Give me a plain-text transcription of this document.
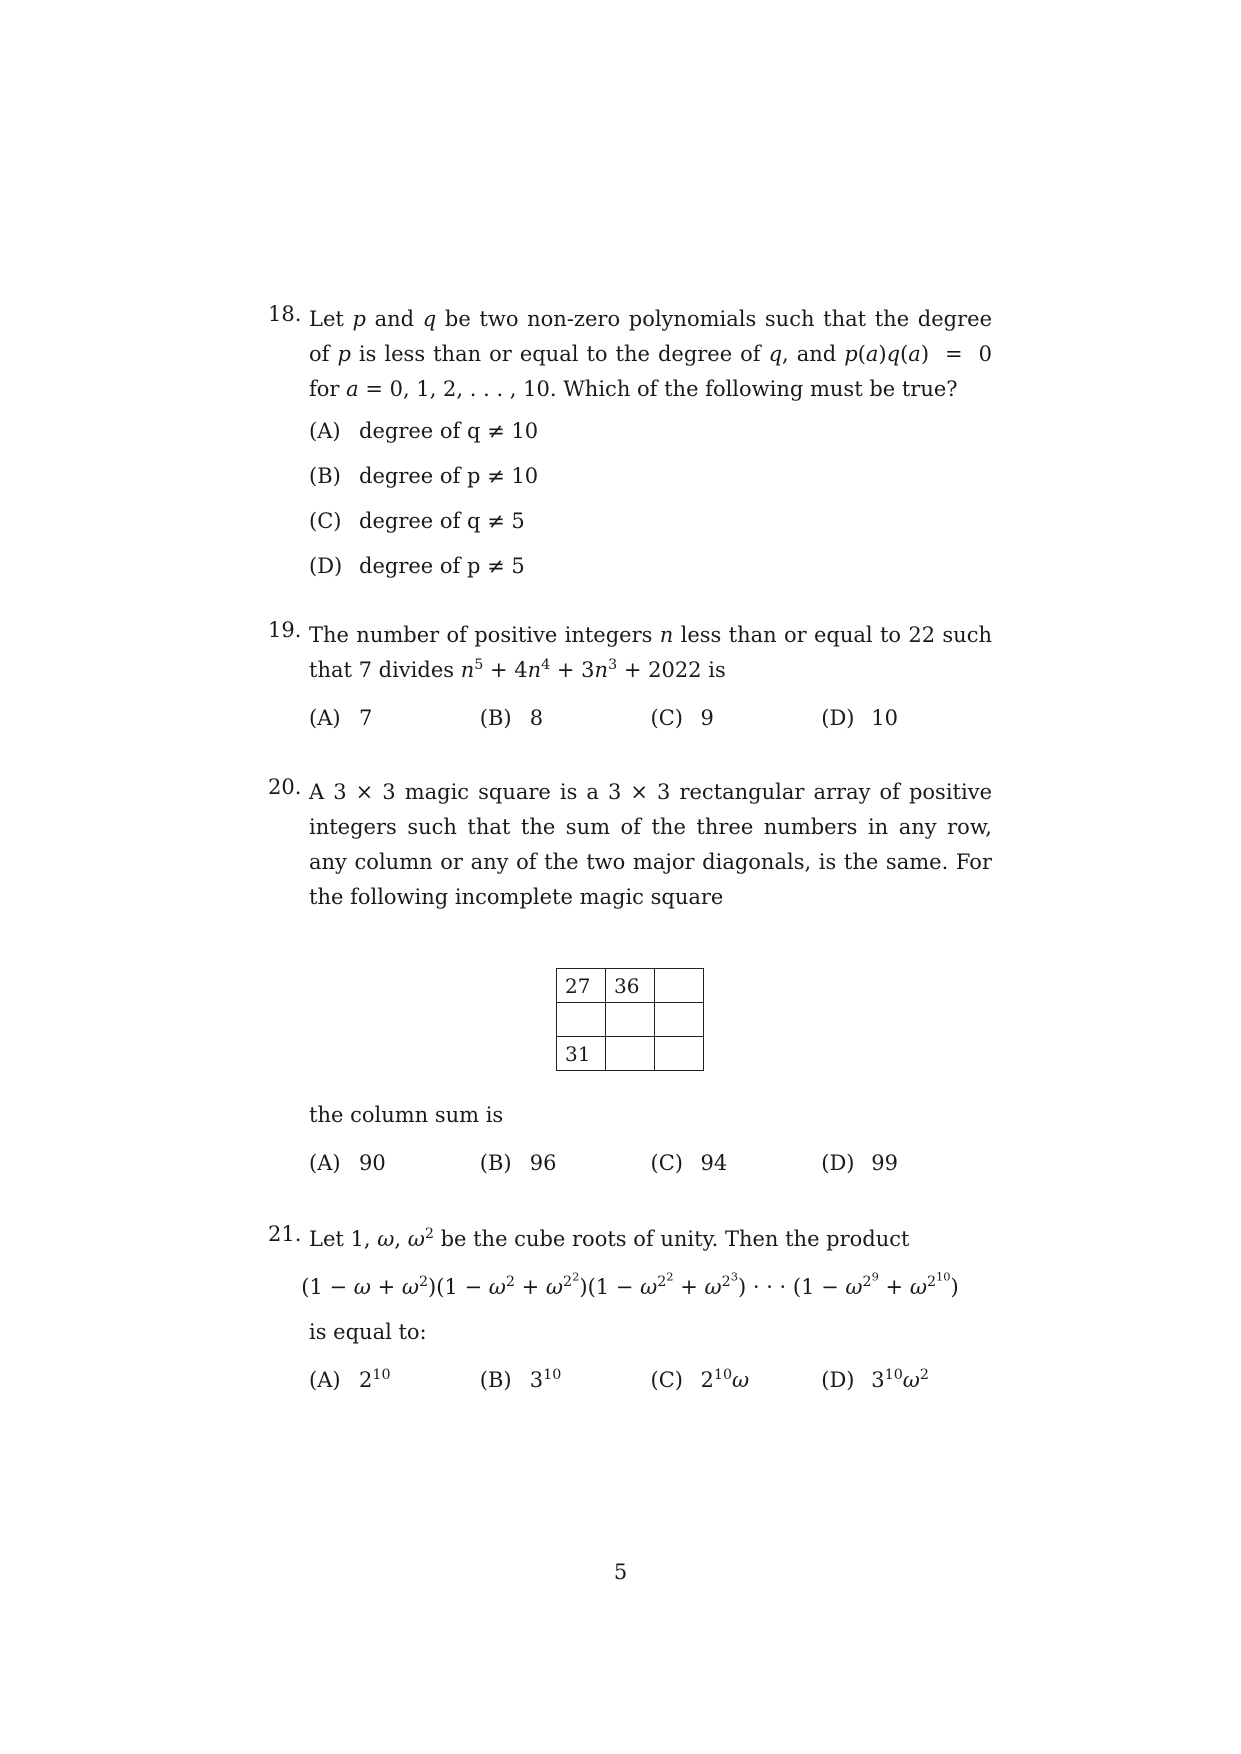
18. Let p and q be two non-zero polynomials such that the degree of p is less than or equal to the degree of q, and p(a)q(a)  =  0 for a = 0, 1, 2, . . . , 10. Which of the following must be true?
(A) degree of q ≠ 10
(B) degree of p ≠ 10
(C) degree of q ≠ 5
(D) degree of p ≠ 5
19. The number of positive integers n less than or equal to 22 such that 7 divides $n^5 + 4n^4 + 3n^3 + 2022$ is
(A) 7	(B) 8	(C) 9	(D) 10
20. A 3 × 3 magic square is a 3 × 3 rectangular array of positive integers such that the sum of the three numbers in any row, any column or any of the two major diagonals, is the same. For the following incomplete magic square
27	36	

31		
the column sum is
(A) 90	(B) 96	(C) 94	(D) 99
21. Let 1, ω, $\omega^2$ be the cube roots of unity. Then the product
$(1 - \omega + \omega^2)(1 - \omega^2 + \omega^{2^2})(1 - \omega^{2^2} + \omega^{2^3})$ · · · $(1 - \omega^{2^9} + \omega^{2^{10}})$
is equal to:
(A) $2^{10}$	(B) $3^{10}$	(C) $2^{10}\omega$	(D) $3^{10}\omega^2$
5
